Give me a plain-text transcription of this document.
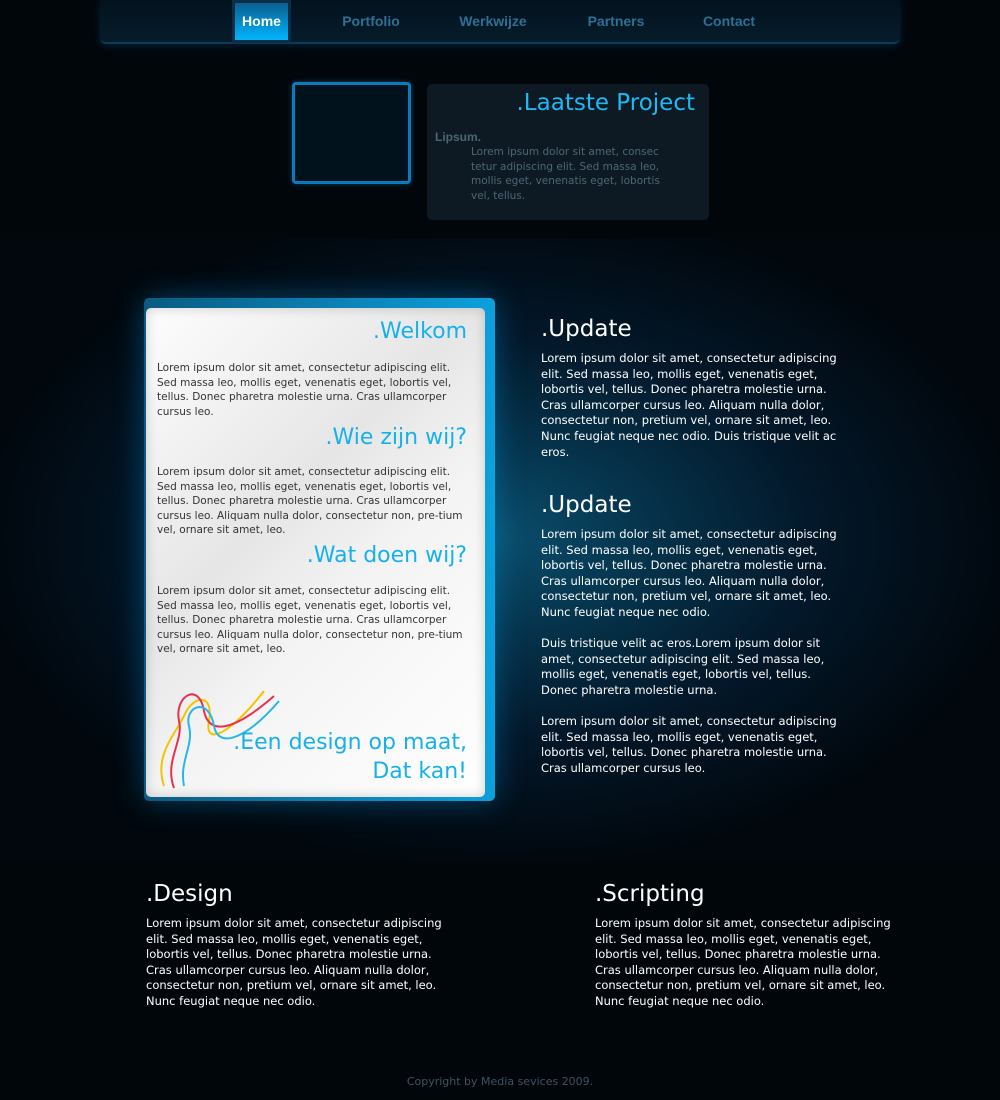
Home	Portfolio	Werkwijze	Partners	Contact
.Laatste Project
Lipsum.
Lorem ipsum dolor sit amet, consec tetur adipiscing elit. Sed massa leo, mollis eget, venenatis eget, lobortis vel, tellus.
.Welkom
Lorem ipsum dolor sit amet, consectetur adipiscing elit. Sed massa leo, mollis eget, venenatis eget, lobortis vel, tellus. Donec pharetra molestie urna. Cras ullamcorper cursus leo.
.Wie zijn wij?
Lorem ipsum dolor sit amet, consectetur adipiscing elit. Sed massa leo, mollis eget, venenatis eget, lobortis vel, tellus. Donec pharetra molestie urna. Cras ullamcorper cursus leo. Aliquam nulla dolor, consectetur non, pre-tium vel, ornare sit amet, leo.
.Wat doen wij?
Lorem ipsum dolor sit amet, consectetur adipiscing elit. Sed massa leo, mollis eget, venenatis eget, lobortis vel, tellus. Donec pharetra molestie urna. Cras ullamcorper cursus leo. Aliquam nulla dolor, consectetur non, pre-tium vel, ornare sit amet, leo.
.Een design op maat,
Dat kan!
.Update
Lorem ipsum dolor sit amet, consectetur adipiscing elit. Sed massa leo, mollis eget, venenatis eget, lobortis vel, tellus. Donec pharetra molestie urna. Cras ullamcorper cursus leo. Aliquam nulla dolor, consectetur non, pretium vel, ornare sit amet, leo. Nunc feugiat neque nec odio. Duis tristique velit ac eros.
.Update
Lorem ipsum dolor sit amet, consectetur adipiscing elit. Sed massa leo, mollis eget, venenatis eget, lobortis vel, tellus. Donec pharetra molestie urna. Cras ullamcorper cursus leo. Aliquam nulla dolor, consectetur non, pretium vel, ornare sit amet, leo. Nunc feugiat neque nec odio.
Duis tristique velit ac eros.Lorem ipsum dolor sit amet, consectetur adipiscing elit. Sed massa leo, mollis eget, venenatis eget, lobortis vel, tellus. Donec pharetra molestie urna.
Lorem ipsum dolor sit amet, consectetur adipiscing elit. Sed massa leo, mollis eget, venenatis eget, lobortis vel, tellus. Donec pharetra molestie urna. Cras ullamcorper cursus leo.
.Design
Lorem ipsum dolor sit amet, consectetur adipiscing elit. Sed massa leo, mollis eget, venenatis eget, lobortis vel, tellus. Donec pharetra molestie urna. Cras ullamcorper cursus leo. Aliquam nulla dolor, consectetur non, pretium vel, ornare sit amet, leo. Nunc feugiat neque nec odio.
.Scripting
Lorem ipsum dolor sit amet, consectetur adipiscing elit. Sed massa leo, mollis eget, venenatis eget, lobortis vel, tellus. Donec pharetra molestie urna. Cras ullamcorper cursus leo. Aliquam nulla dolor, consectetur non, pretium vel, ornare sit amet, leo. Nunc feugiat neque nec odio.
Copyright by Media sevices 2009.
